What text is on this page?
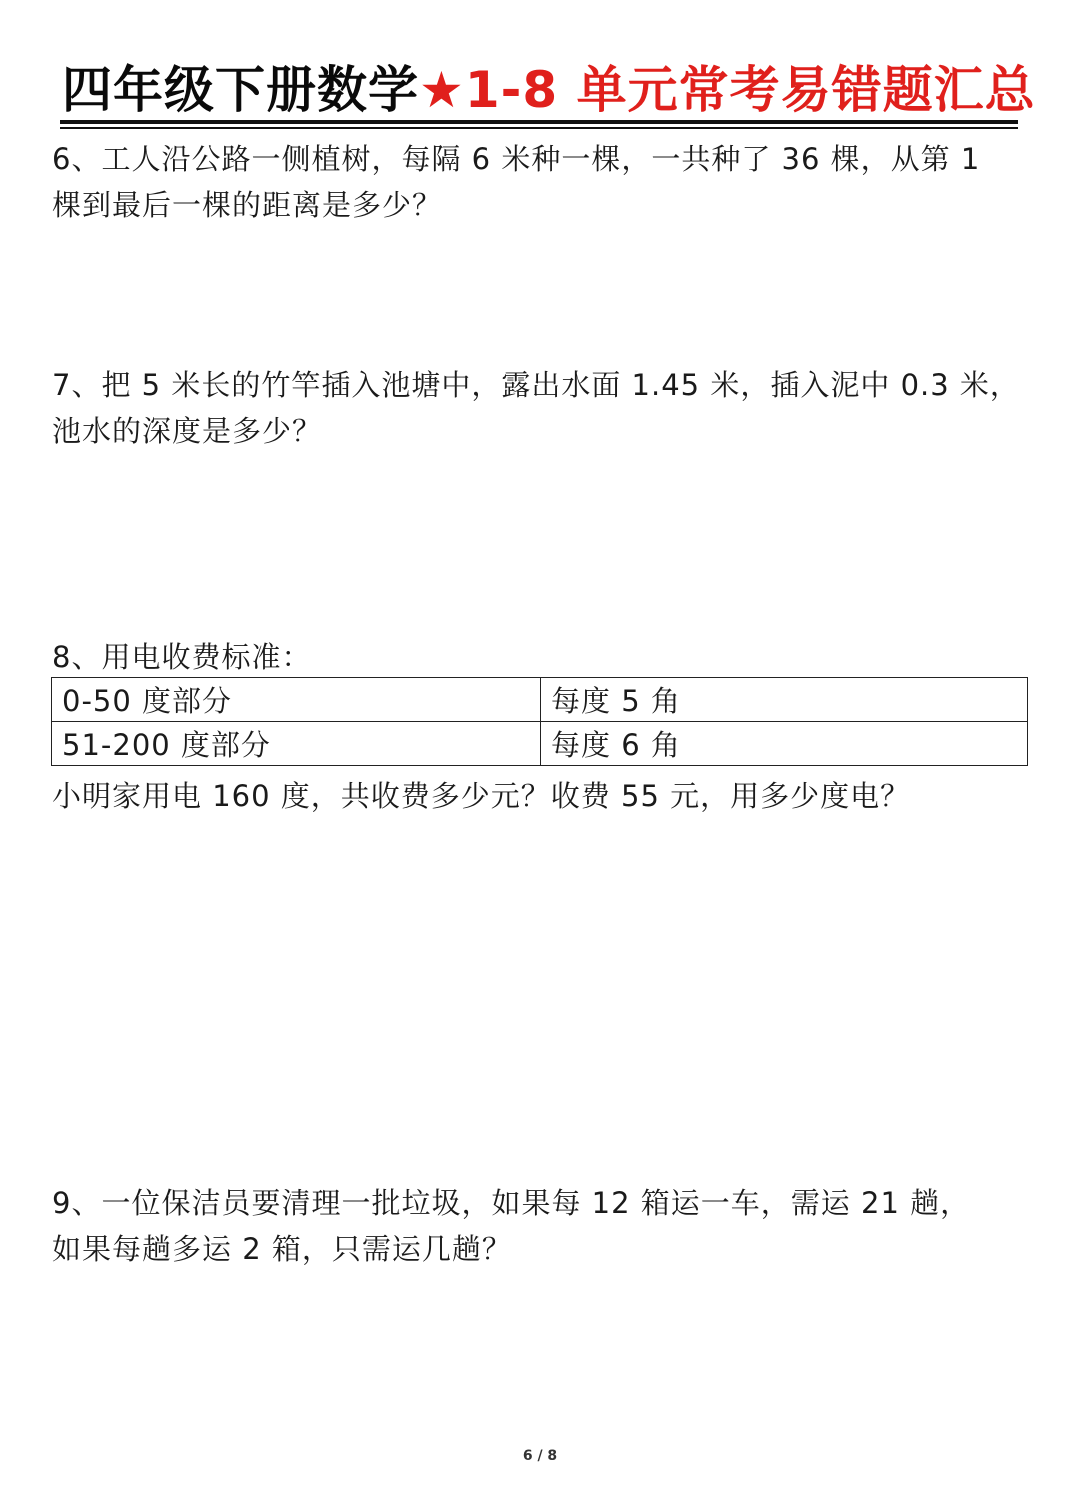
四年级下册数学★1-8 单元常考易错题汇总

6、工人沿公路一侧植树，每隔 6 米种一棵，一共种了 36 棵，从第 1

棵到最后一棵的距离是多少？

7、把 5 米长的竹竿插入池塘中，露出水面 1.45 米，插入泥中 0.3 米，

池水的深度是多少？

8、用电收费标准：

0-50 度部分	每度 5 角
51-200 度部分	每度 6 角

小明家用电 160 度，共收费多少元？收费 55 元，用多少度电？

9、一位保洁员要清理一批垃圾，如果每 12 箱运一车，需运 21 趟，

如果每趟多运 2 箱，只需运几趟？

6 / 8
